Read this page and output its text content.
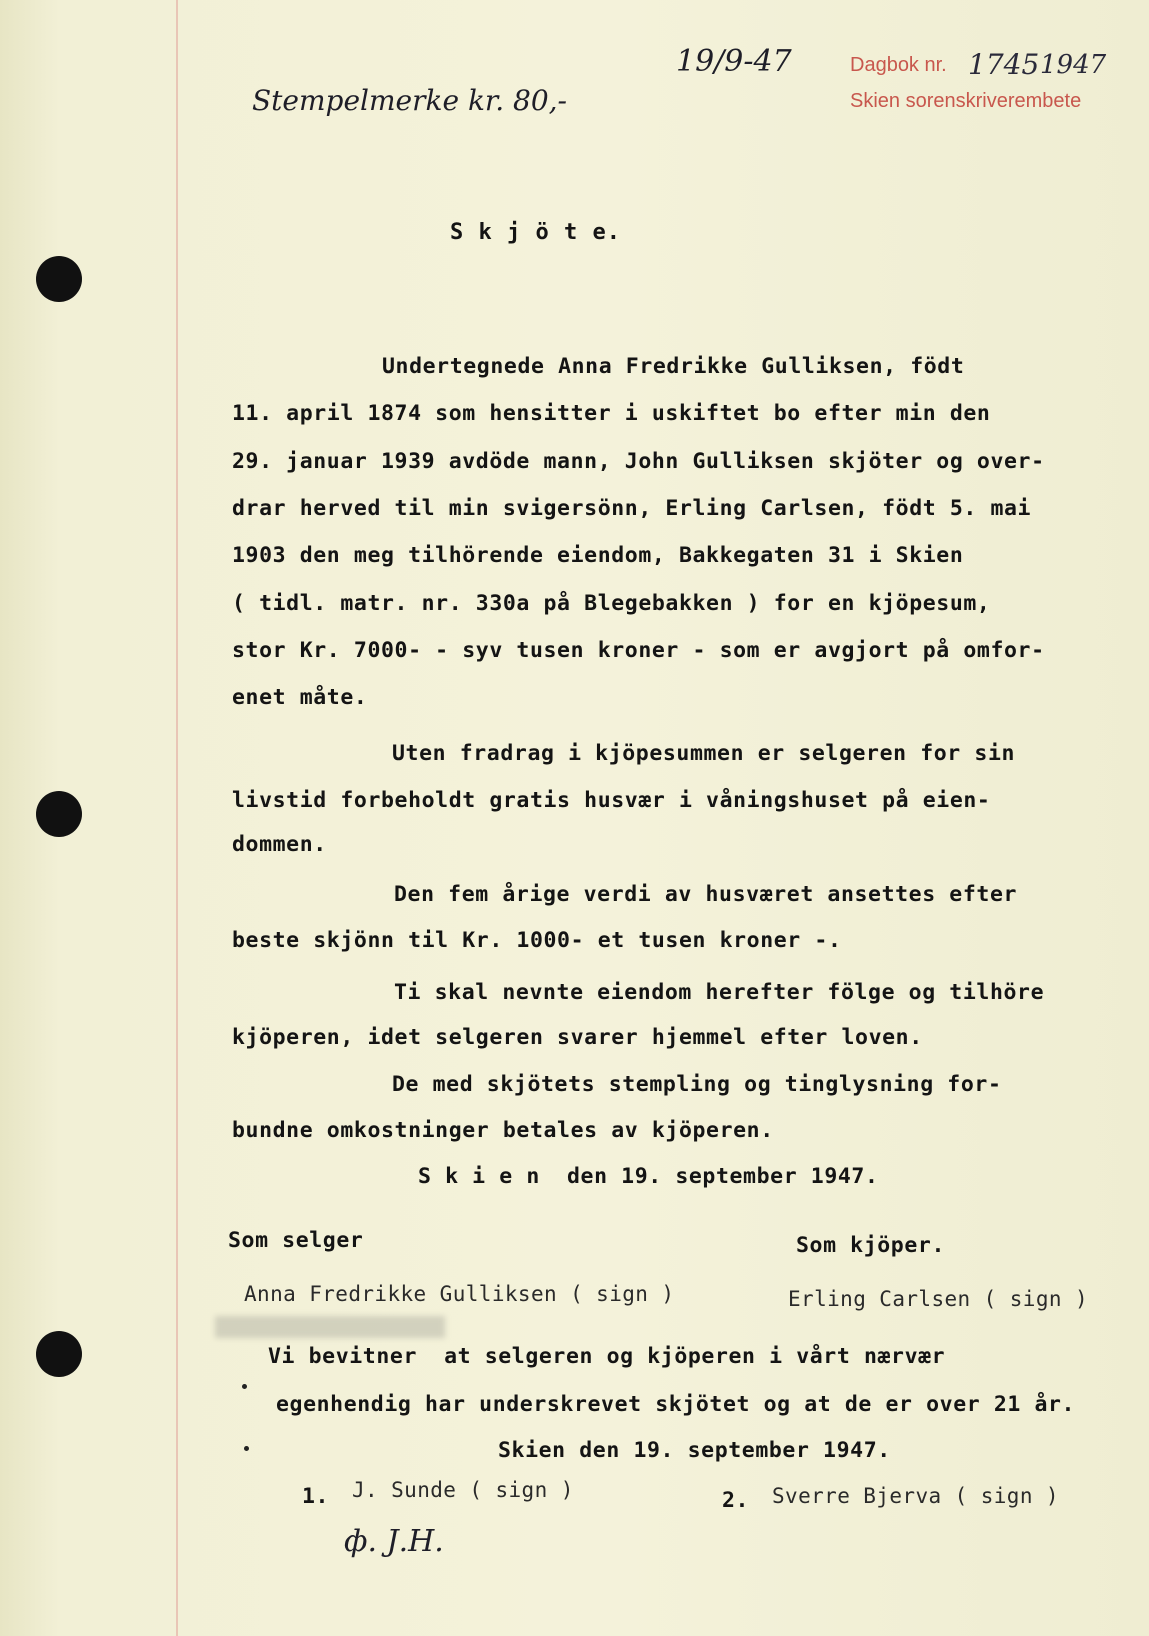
Dagbok nr. 1745 1947
Skien sorenskriverembete
19/9-47
Stempelmerke kr. 80,-
S k j ö t e.
Undertegnede Anna Fredrikke Gulliksen, födt
11. april 1874 som hensitter i uskiftet bo efter min den
29. januar 1939 avdöde mann, John Gulliksen skjöter og over-
drar herved til min svigersönn, Erling Carlsen, födt 5. mai
1903 den meg tilhörende eiendom, Bakkegaten 31 i Skien
( tidl. matr. nr. 330a på Blegebakken ) for en kjöpesum,
stor Kr. 7000- - syv tusen kroner - som er avgjort på omfor-
enet måte.
Uten fradrag i kjöpesummen er selgeren for sin
livstid forbeholdt gratis husvær i våningshuset på eien-
dommen.
Den fem årige verdi av husværet ansettes efter
beste skjönn til Kr. 1000- et tusen kroner -.
Ti skal nevnte eiendom herefter fölge og tilhöre
kjöperen, idet selgeren svarer hjemmel efter loven.
De med skjötets stempling og tinglysning for-
bundne omkostninger betales av kjöperen.
S k i e n  den 19. september 1947.
Som selger	Som kjöper.
Anna Fredrikke Gulliksen ( sign )	Erling Carlsen ( sign )
Vi bevitner  at selgeren og kjöperen i vårt nærvær
egenhendig har underskrevet skjötet og at de er over 21 år.
Skien den 19. september 1947.
1. J. Sunde ( sign )	2. Sverre Bjerva ( sign )
ф. Ј.Н.
